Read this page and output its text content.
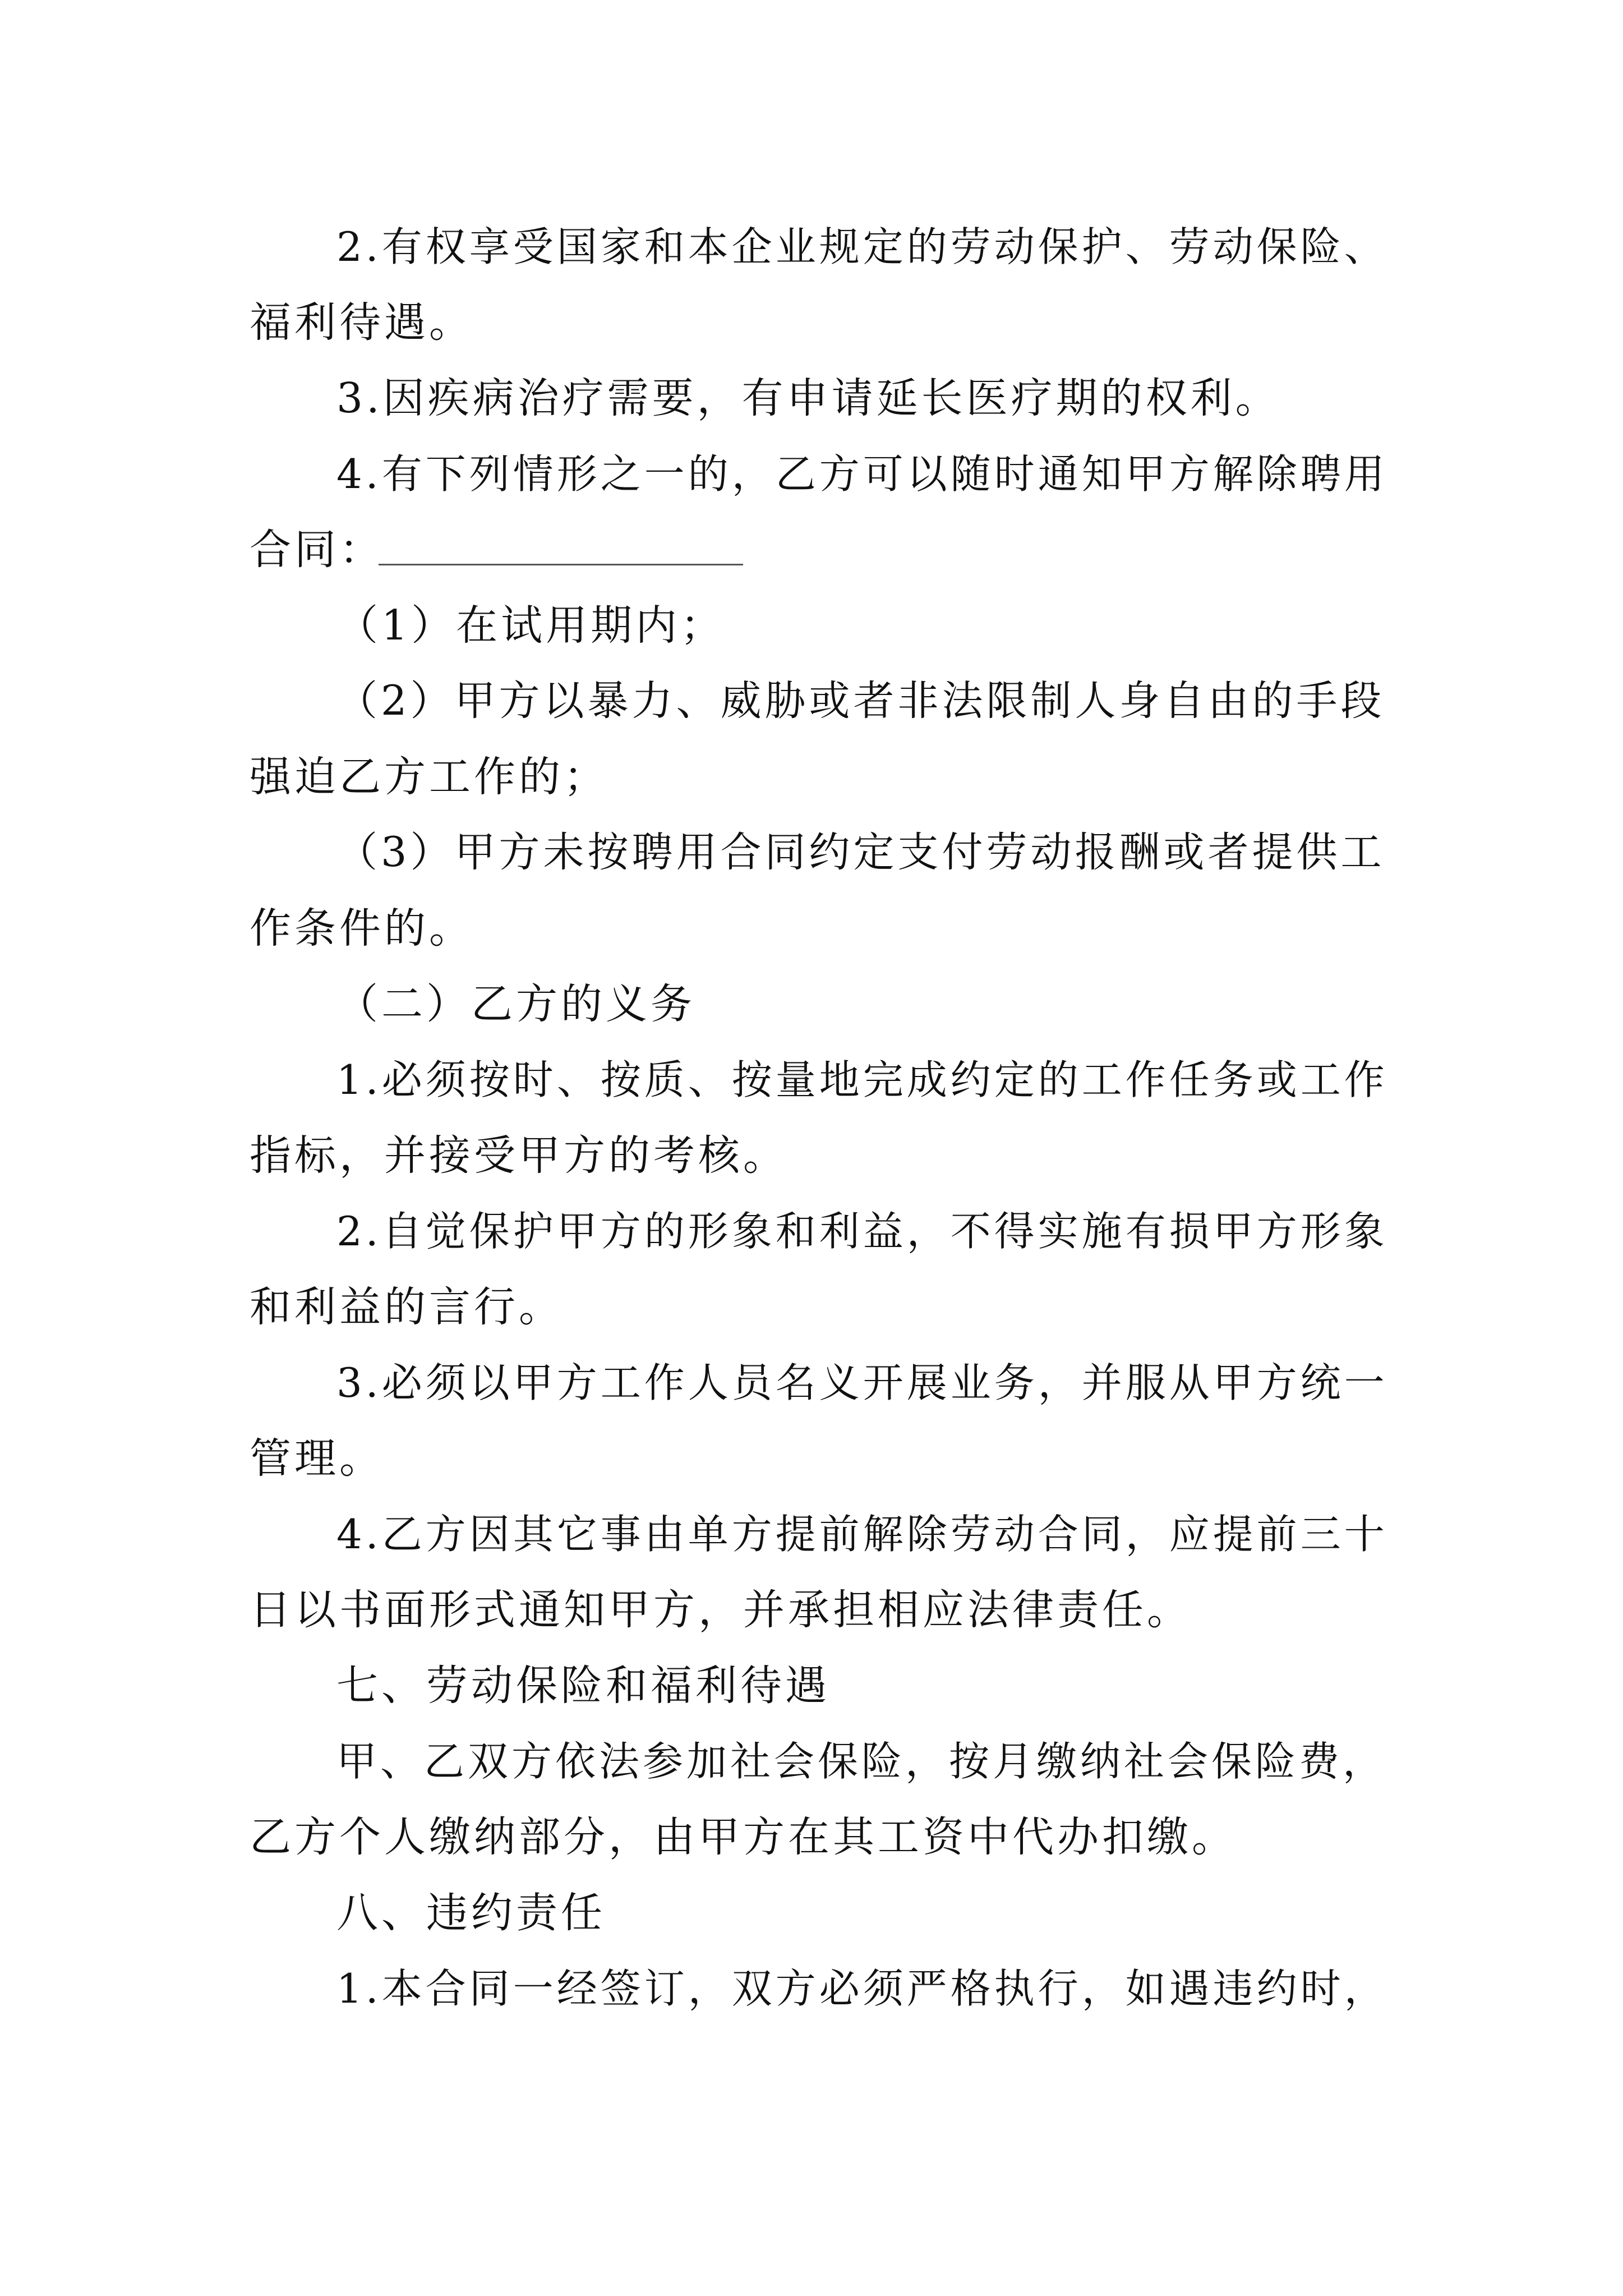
2.有权享受国家和本企业规定的劳动保护、劳动保险、
福利待遇。
3.因疾病治疗需要，有申请延长医疗期的权利。
4.有下列情形之一的，乙方可以随时通知甲方解除聘用
合同：
（1）在试用期内；
（2）甲方以暴力、威胁或者非法限制人身自由的手段
强迫乙方工作的；
（3）甲方未按聘用合同约定支付劳动报酬或者提供工
作条件的。
（二）乙方的义务
1.必须按时、按质、按量地完成约定的工作任务或工作
指标，并接受甲方的考核。
2.自觉保护甲方的形象和利益，不得实施有损甲方形象
和利益的言行。
3.必须以甲方工作人员名义开展业务，并服从甲方统一
管理。
4.乙方因其它事由单方提前解除劳动合同，应提前三十
日以书面形式通知甲方，并承担相应法律责任。
七、劳动保险和福利待遇
甲、乙双方依法参加社会保险，按月缴纳社会保险费，
乙方个人缴纳部分，由甲方在其工资中代办扣缴。
八、违约责任
1.本合同一经签订，双方必须严格执行，如遇违约时，
